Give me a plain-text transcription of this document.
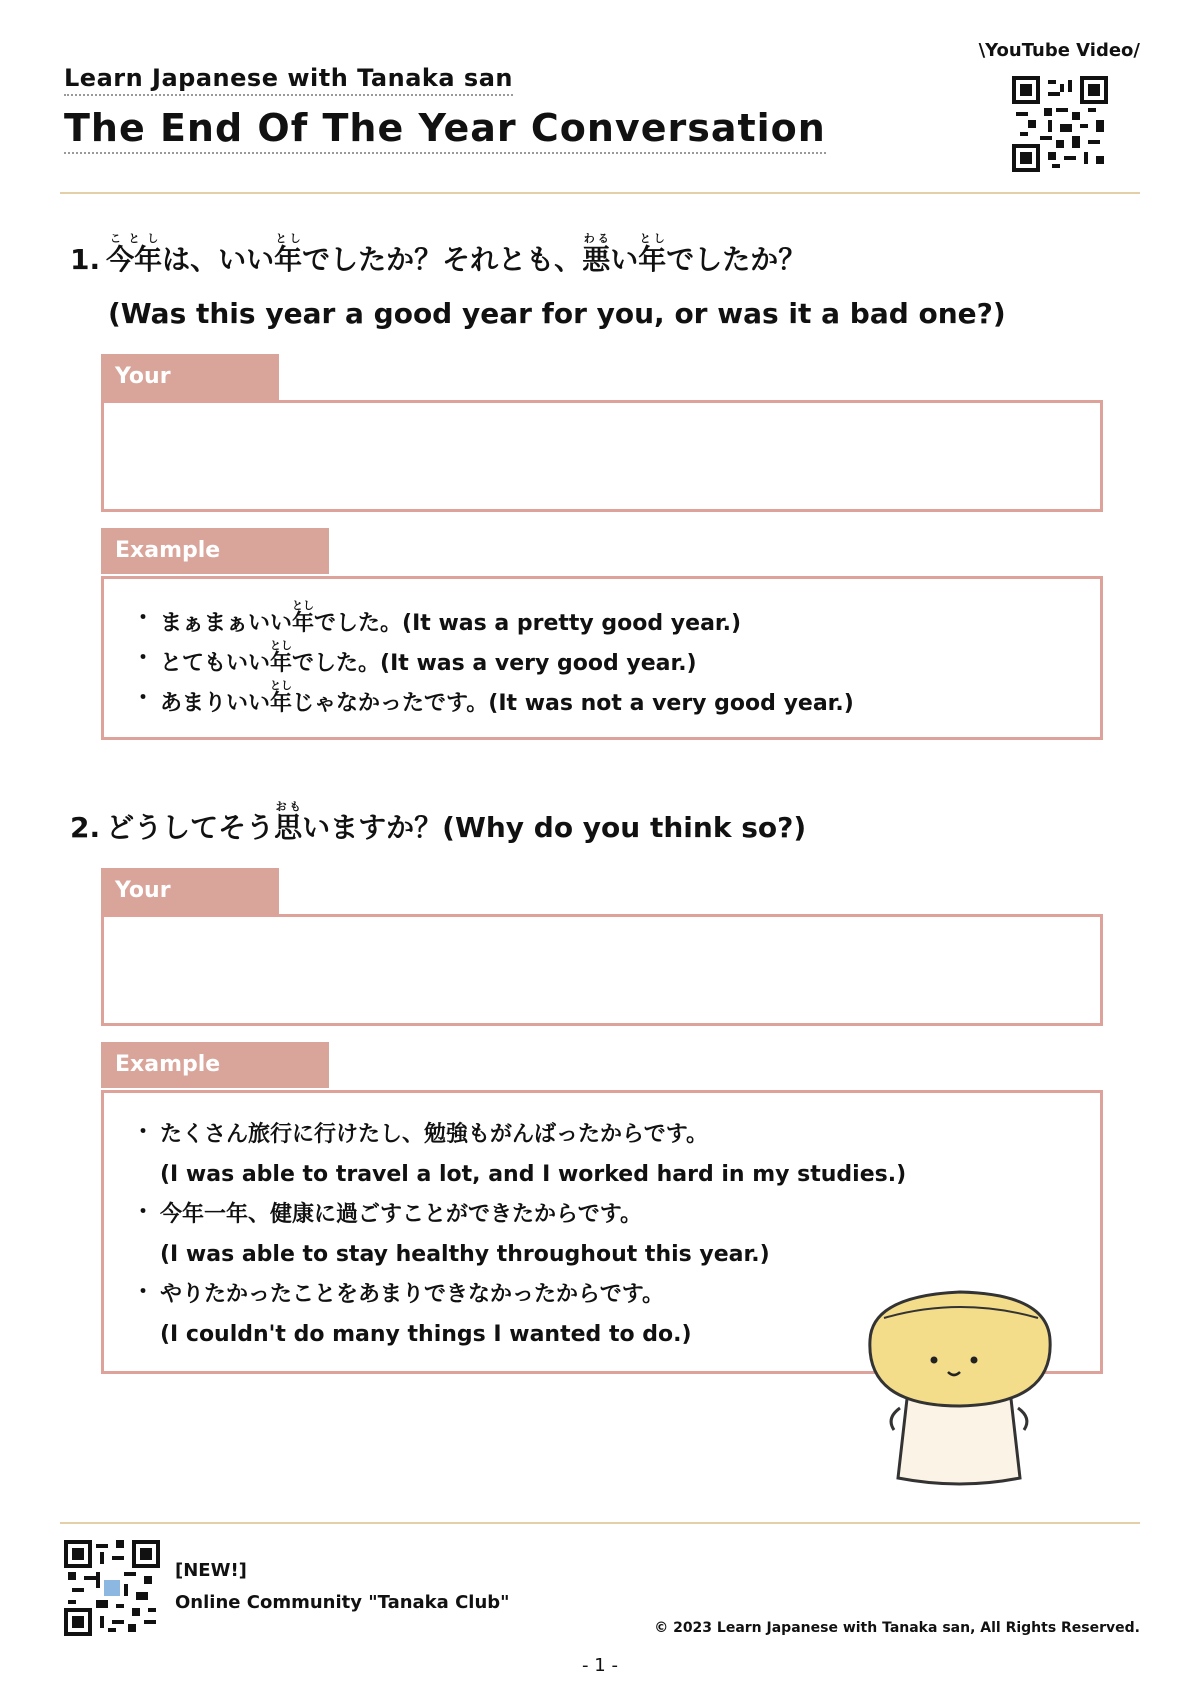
Learn Japanese with Tanaka san
The End Of The Year Conversation
\YouTube Video/
1. 今年ことしは、いい年としでしたか？それとも、悪わるい年としでしたか？
(Was this year a good year for you, or was it a bad one?)
Your
Example
・ まぁまぁいい年としでした。(It was a pretty good year.)
・ とてもいい年としでした。(It was a very good year.)
・ あまりいい年としじゃなかったです。(It was not a very good year.)
2. どうしてそう思おもいますか？(Why do you think so?)
Your
Example
・ たくさん旅行に行けたし、勉強もがんばったからです。
(I was able to travel a lot, and I worked hard in my studies.)
・ 今年一年、健康に過ごすことができたからです。
(I was able to stay healthy throughout this year.)
・ やりたかったことをあまりできなかったからです。
(I couldn't do many things I wanted to do.)
[NEW!]
Online Community "Tanaka Club"
© 2023 Learn Japanese with Tanaka san, All Rights Reserved.
- 1 -
